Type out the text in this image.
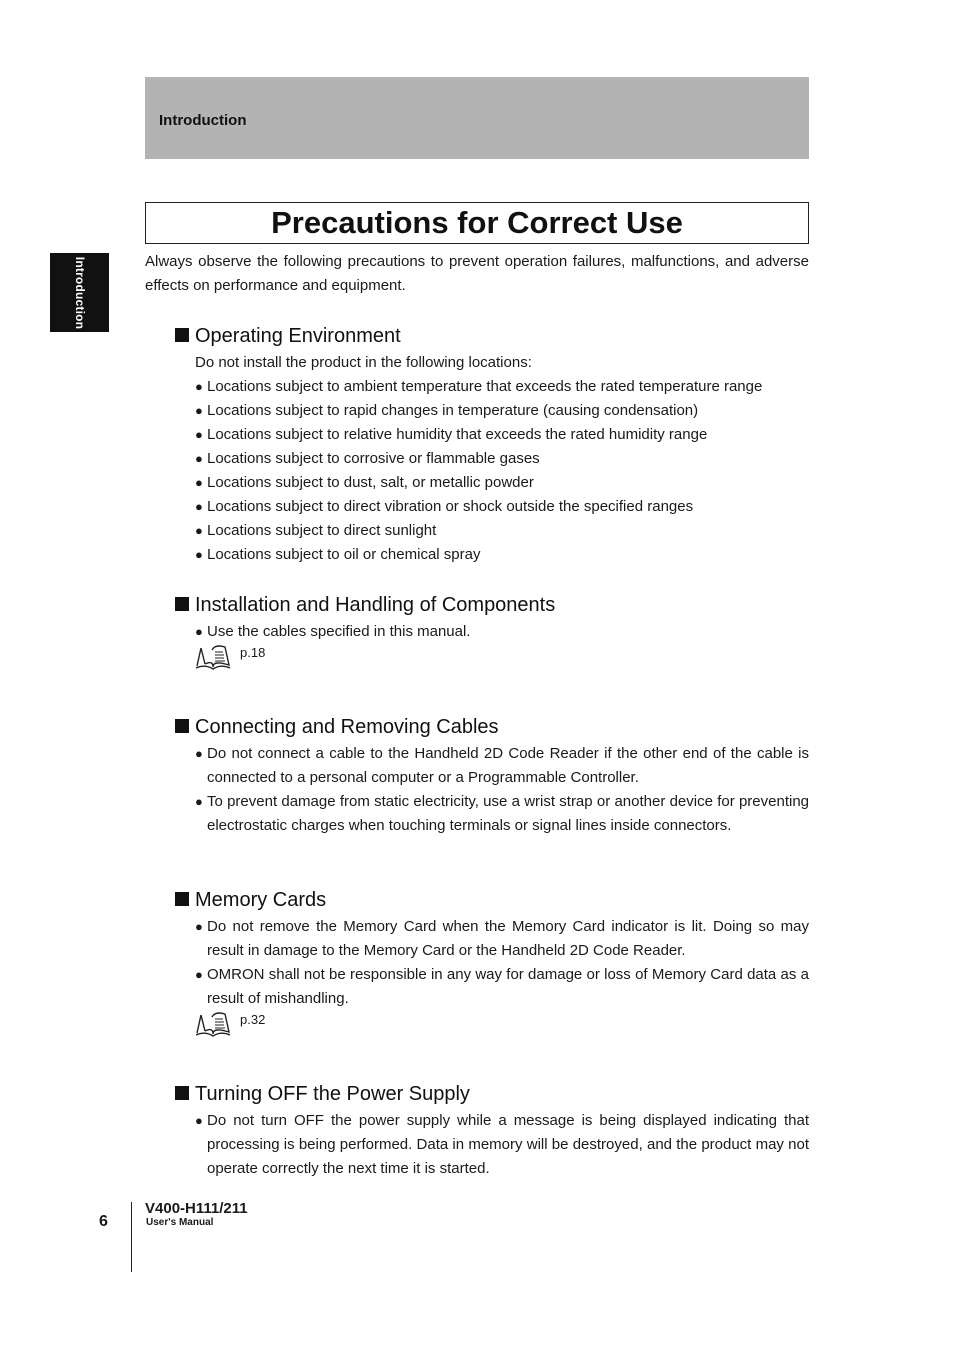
Introduction
Introduction
Precautions for Correct Use

Always observe the following precautions to prevent operation failures, malfunctions, and adverse effects on performance and equipment.

Operating Environment

Do not install the product in the following locations:

● Locations subject to ambient temperature that exceeds the rated temperature range
● Locations subject to rapid changes in temperature (causing condensation)
● Locations subject to relative humidity that exceeds the rated humidity range
● Locations subject to corrosive or flammable gases
● Locations subject to dust, salt, or metallic powder
● Locations subject to direct vibration or shock outside the specified ranges
● Locations subject to direct sunlight
● Locations subject to oil or chemical spray
Installation and Handling of Components
● Use the cables specified in this manual.
p.18
Connecting and Removing Cables
● Do not connect a cable to the Handheld 2D Code Reader if the other end of the cable is connected to a personal computer or a Programmable Controller.
● To prevent damage from static electricity, use a wrist strap or another device for preventing electrostatic charges when touching terminals or signal lines inside connectors.
Memory Cards
● Do not remove the Memory Card when the Memory Card indicator is lit. Doing so may result in damage to the Memory Card or the Handheld 2D Code Reader.
● OMRON shall not be responsible in any way for damage or loss of Memory Card data as a result of mishandling.
p.32
Turning OFF the Power Supply
● Do not turn OFF the power supply while a message is being displayed indicating that processing is being performed. Data in memory will be destroyed, and the product may not operate correctly the next time it is started.
6
V400-H111/211
User's Manual
